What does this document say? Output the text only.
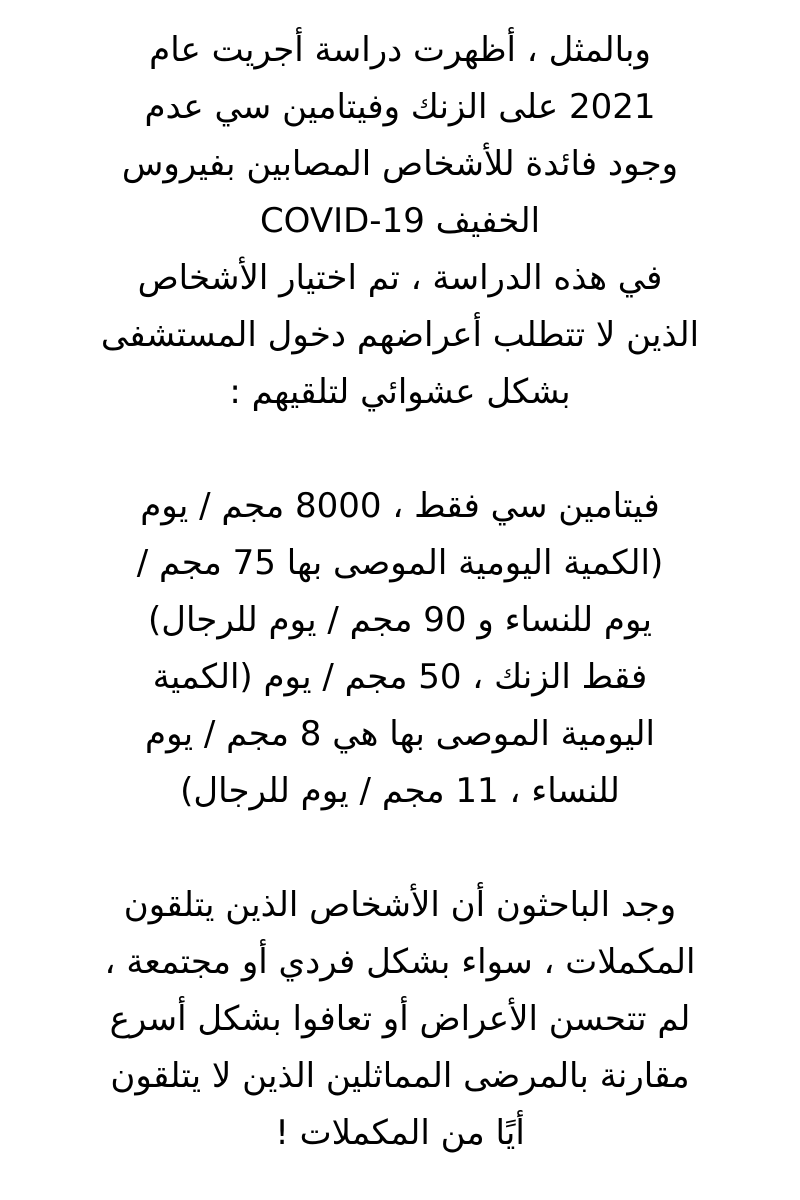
وبالمثل ، أظهرت دراسة أجريت عام
2021 على الزنك وفيتامين سي عدم
وجود فائدة للأشخاص المصابين بفيروس
الخفيف COVID-19
في هذه الدراسة ، تم اختيار الأشخاص
الذين لا تتطلب أعراضهم دخول المستشفى
بشكل عشوائي لتلقيهم :
فيتامين سي فقط ، 8000 مجم / يوم
(الكمية اليومية الموصى بها 75 مجم /
يوم للنساء و 90 مجم / يوم للرجال)
فقط الزنك ، 50 مجم / يوم (الكمية
اليومية الموصى بها هي 8 مجم / يوم
للنساء ، 11 مجم / يوم للرجال)
وجد الباحثون أن الأشخاص الذين يتلقون
المكملات ، سواء بشكل فردي أو مجتمعة ،
لم تتحسن الأعراض أو تعافوا بشكل أسرع
مقارنة بالمرضى المماثلين الذين لا يتلقون
أيًا من المكملات !
